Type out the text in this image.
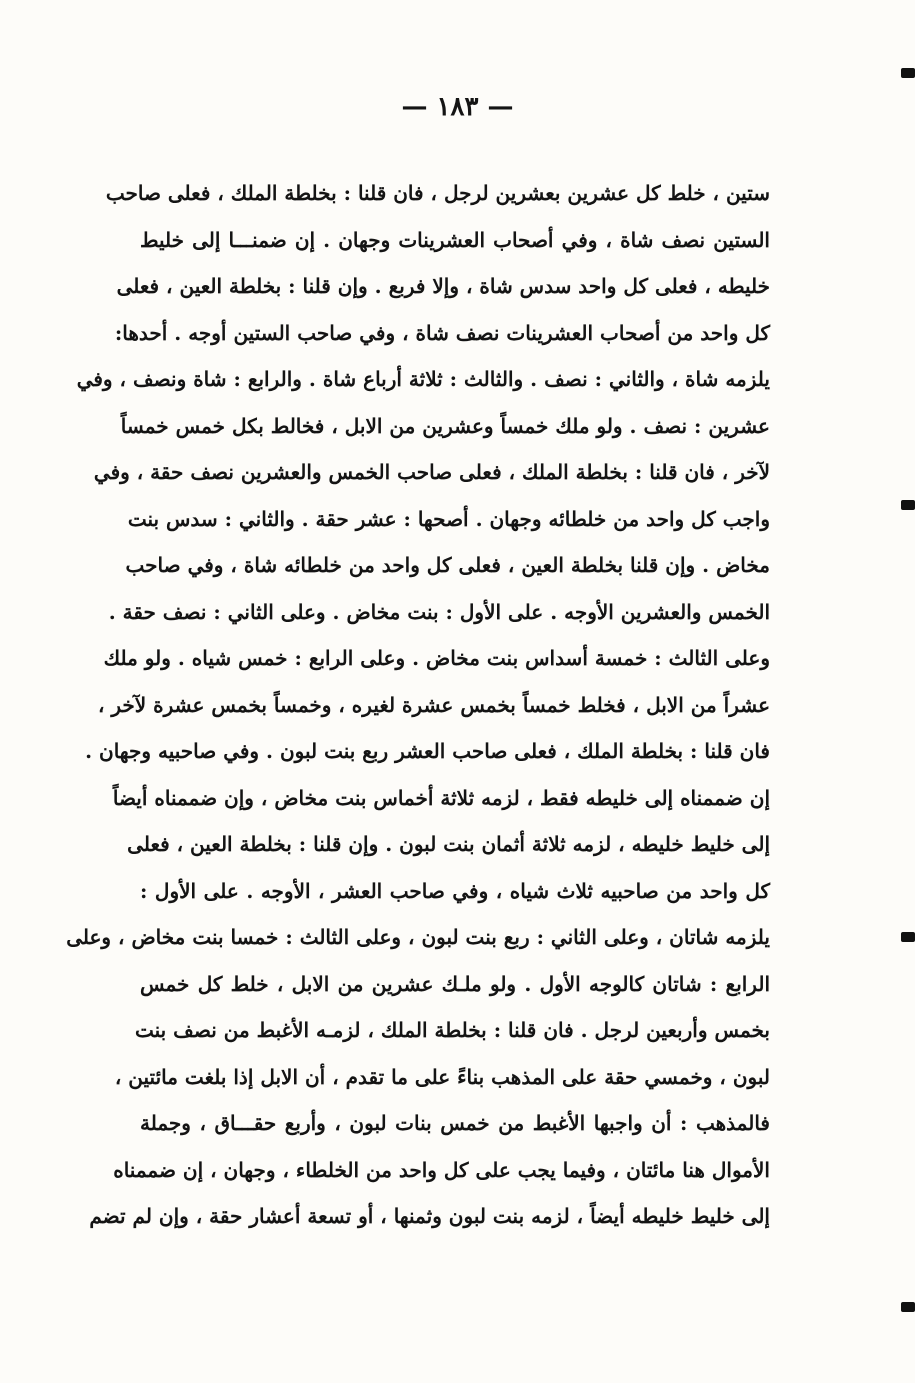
— ١٨٣ —
ستين ، خلط كل عشرين بعشرين لرجل ، فان قلنا : بخلطة الملك ، فعلى صاحب
الستين نصف شاة ، وفي أصحاب العشرينات وجهان . إن ضمنـــا إلى خليط
خليطه ، فعلى كل واحد سدس شاة ، وإلا فربع . وإن قلنا : بخلطة العين ، فعلى
كل واحد من أصحاب العشرينات نصف شاة ، وفي صاحب الستين أوجه . أحدها:
يلزمه شاة ، والثاني : نصف . والثالث : ثلاثة أرباع شاة . والرابع : شاة ونصف ، وفي
عشرين : نصف . ولو ملك خمساً وعشرين من الابل ، فخالط بكل خمس خمساً
لآخر ، فان قلنا : بخلطة الملك ، فعلى صاحب الخمس والعشرين نصف حقة ، وفي
واجب كل واحد من خلطائه وجهان . أصحها : عشر حقة . والثاني : سدس بنت
مخاض . وإن قلنا بخلطة العين ، فعلى كل واحد من خلطائه شاة ، وفي صاحب
الخمس والعشرين الأوجه . على الأول : بنت مخاض . وعلى الثاني : نصف حقة .
وعلى الثالث : خمسة أسداس بنت مخاض . وعلى الرابع : خمس شياه . ولو ملك
عشراً من الابل ، فخلط خمساً بخمس عشرة لغيره ، وخمساً بخمس عشرة لآخر ،
فان قلنا : بخلطة الملك ، فعلى صاحب العشر ربع بنت لبون . وفي صاحبيه وجهان .
إن ضممناه إلى خليطه فقط ، لزمه ثلاثة أخماس بنت مخاض ، وإن ضممناه أيضاً
إلى خليط خليطه ، لزمه ثلاثة أثمان بنت لبون . وإن قلنا : بخلطة العين ، فعلى
كل واحد من صاحبيه ثلاث شياه ، وفي صاحب العشر ، الأوجه . على الأول :
يلزمه شاتان ، وعلى الثاني : ربع بنت لبون ، وعلى الثالث : خمسا بنت مخاض ، وعلى
الرابع : شاتان كالوجه الأول . ولو ملـك عشرين من الابل ، خلط كل خمس
بخمس وأربعين لرجل . فان قلنا : بخلطة الملك ، لزمـه الأغبط من نصف بنت
لبون ، وخمسي حقة على المذهب بناءً على ما تقدم ، أن الابل إذا بلغت مائتين ،
فالمذهب : أن واجبها الأغبط من خمس بنات لبون ، وأربع حقـــاق ، وجملة
الأموال هنا مائتان ، وفيما يجب على كل واحد من الخلطاء ، وجهان ، إن ضممناه
إلى خليط خليطه أيضاً ، لزمه بنت لبون وثمنها ، أو تسعة أعشار حقة ، وإن لم تضم
